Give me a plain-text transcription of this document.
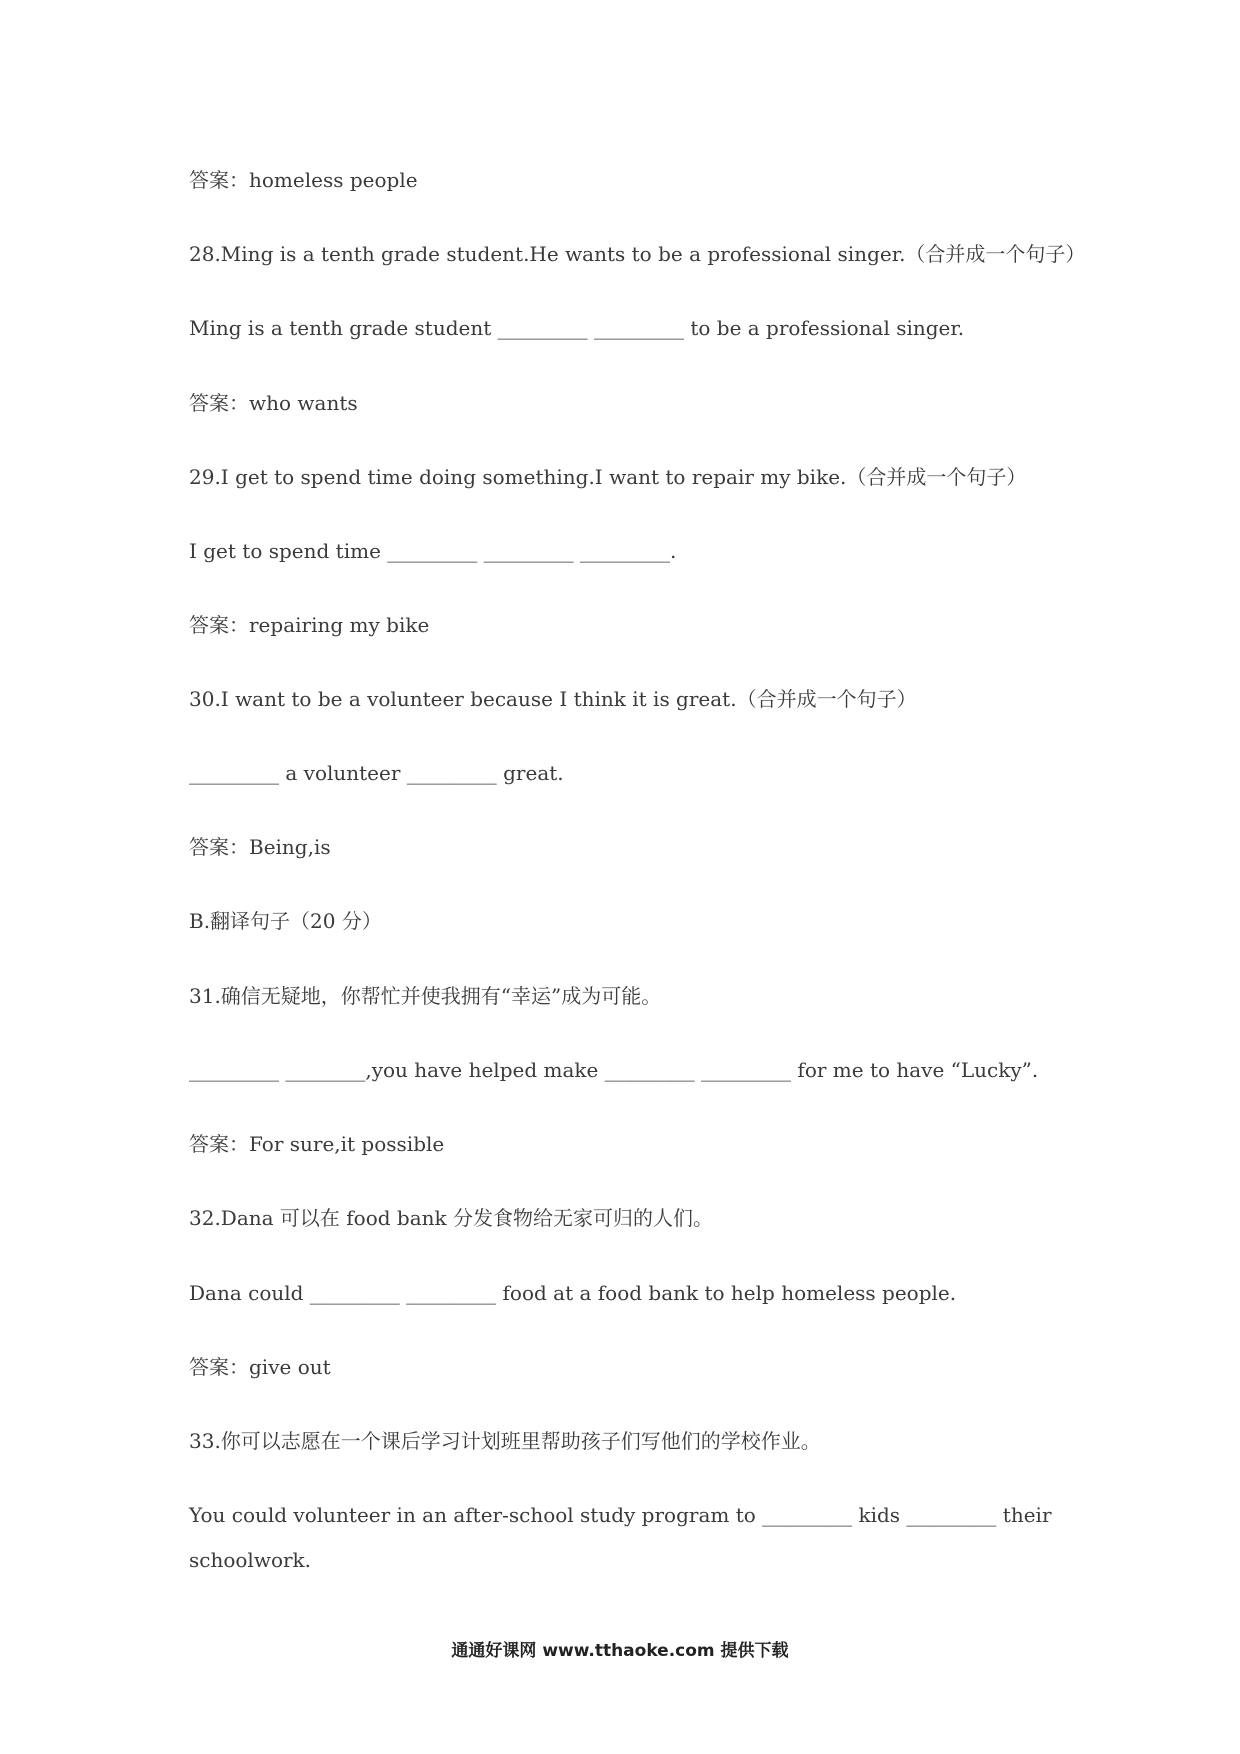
答案：homeless people
28.Ming is a tenth grade student.He wants to be a professional singer.（合并成一个句子）
Ming is a tenth grade student _________ _________ to be a professional singer.
答案：who wants
29.I get to spend time doing something.I want to repair my bike.（合并成一个句子）
I get to spend time _________ _________ _________.
答案：repairing my bike
30.I want to be a volunteer because I think it is great.（合并成一个句子）
_________ a volunteer _________ great.
答案：Being,is
B.翻译句子（20 分）
31.确信无疑地，你帮忙并使我拥有“幸运”成为可能。
_________ ________,you have helped make _________ _________ for me to have “Lucky”.
答案：For sure,it possible
32.Dana 可以在 food bank 分发食物给无家可归的人们。
Dana could _________ _________ food at a food bank to help homeless people.
答案：give out
33.你可以志愿在一个课后学习计划班里帮助孩子们写他们的学校作业。
You could volunteer in an after-school study program to _________ kids _________ their
schoolwork.
通通好课网 www.tthaoke.com 提供下载
